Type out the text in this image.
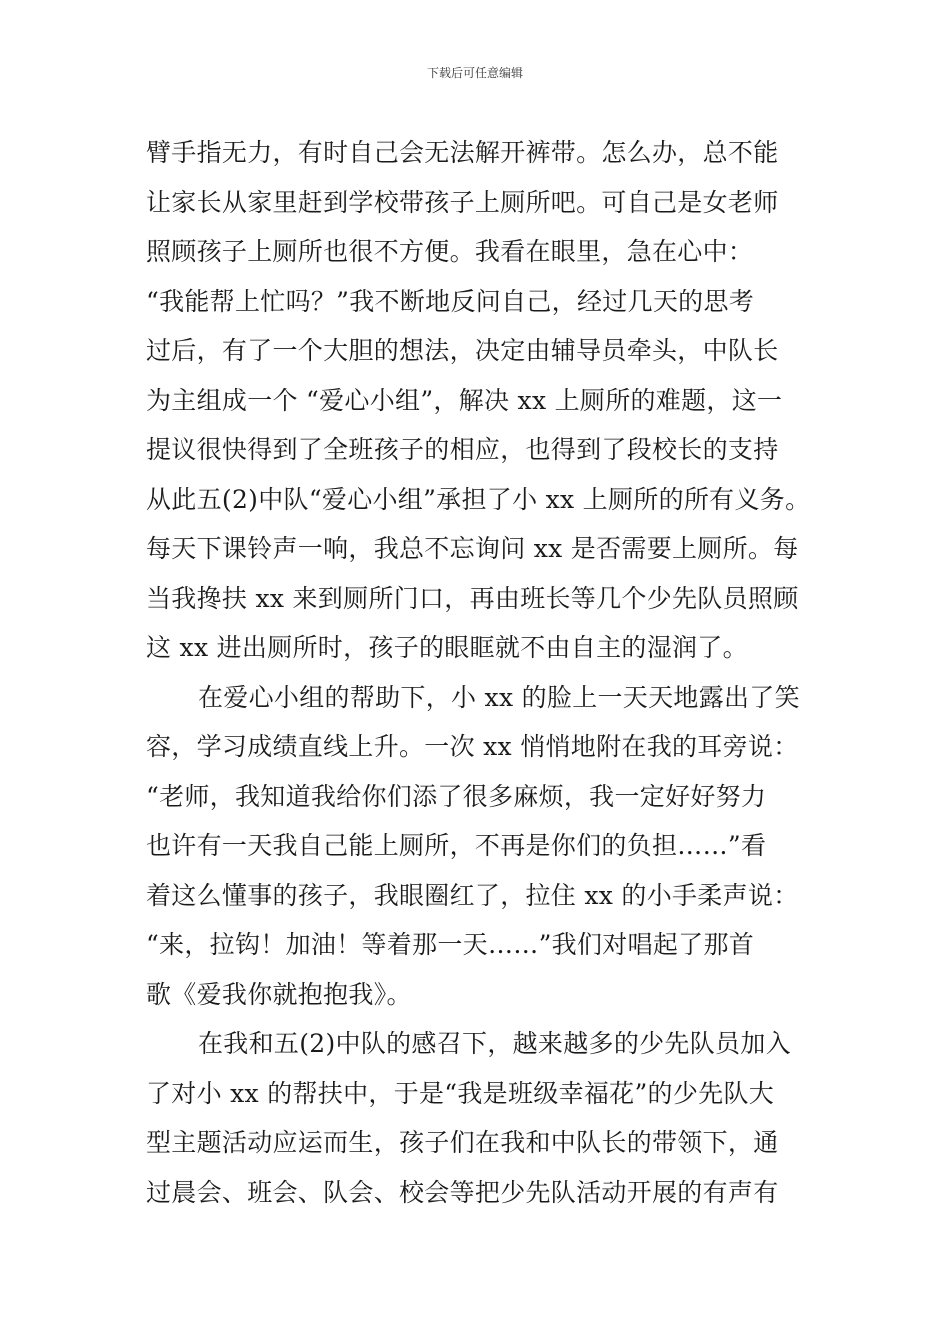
下载后可任意编辑
臂手指无力，有时自己会无法解开裤带。怎么办，总不能
让家长从家里赶到学校带孩子上厕所吧。可自己是女老师
照顾孩子上厕所也很不方便。我看在眼里，急在心中：
“我能帮上忙吗？”我不断地反问自己，经过几天的思考
过后，有了一个大胆的想法，决定由辅导员牵头，中队长
为主组成一个 “爱心小组”，解决 xx 上厕所的难题，这一
提议很快得到了全班孩子的相应，也得到了段校长的支持
从此五(2)中队“爱心小组”承担了小 xx 上厕所的所有义务。
每天下课铃声一响，我总不忘询问 xx 是否需要上厕所。每
当我搀扶 xx 来到厕所门口，再由班长等几个少先队员照顾
这 xx 进出厕所时，孩子的眼眶就不由自主的湿润了。
在爱心小组的帮助下，小 xx 的脸上一天天地露出了笑
容，学习成绩直线上升。一次 xx 悄悄地附在我的耳旁说：
“老师，我知道我给你们添了很多麻烦，我一定好好努力
也许有一天我自己能上厕所，不再是你们的负担……”看
着这么懂事的孩子，我眼圈红了，拉住 xx 的小手柔声说：
“来，拉钩！加油！等着那一天……”我们对唱起了那首
歌《爱我你就抱抱我》。
在我和五(2)中队的感召下，越来越多的少先队员加入
了对小 xx 的帮扶中，于是“我是班级幸福花”的少先队大
型主题活动应运而生，孩子们在我和中队长的带领下，通
过晨会、班会、队会、校会等把少先队活动开展的有声有
